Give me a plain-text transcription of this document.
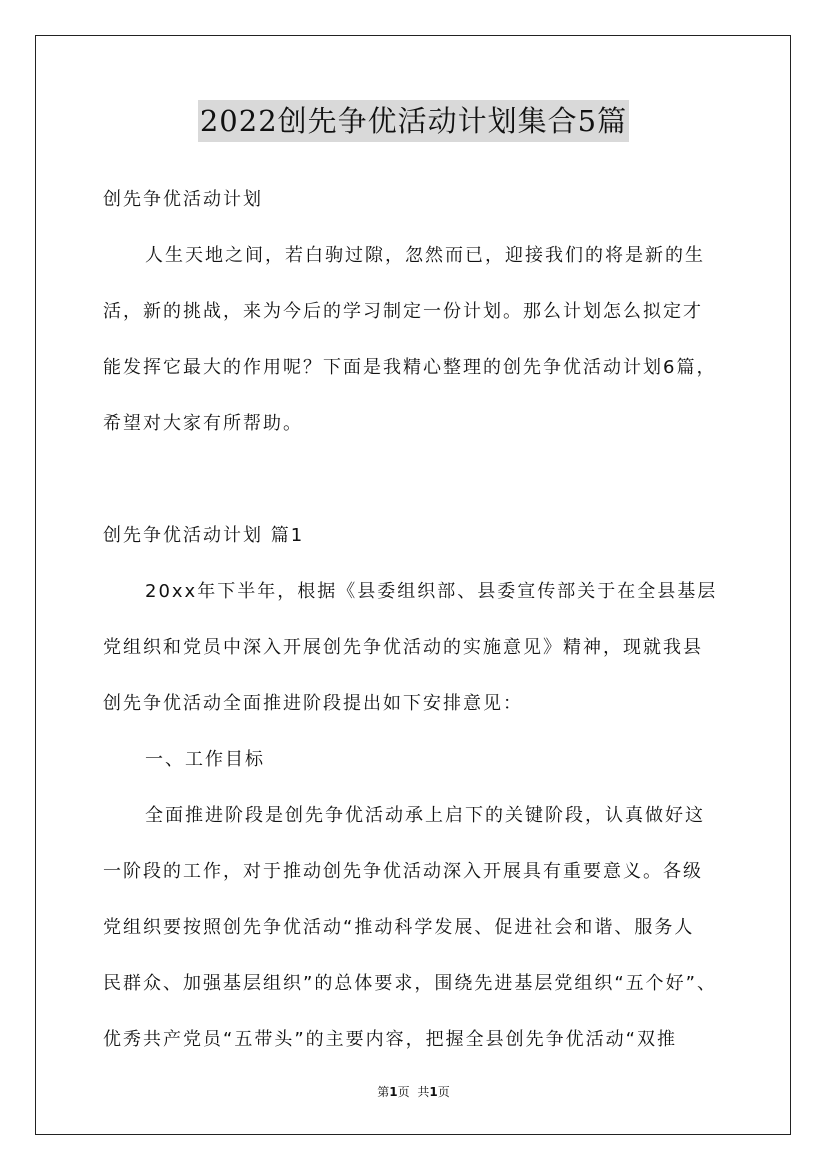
2022创先争优活动计划集合5篇
创先争优活动计划
人生天地之间，若白驹过隙，忽然而已，迎接我们的将是新的生
活，新的挑战，来为今后的学习制定一份计划。那么计划怎么拟定才
能发挥它最大的作用呢？下面是我精心整理的创先争优活动计划6篇，
希望对大家有所帮助。
创先争优活动计划 篇1
20xx年下半年，根据《县委组织部、县委宣传部关于在全县基层
党组织和党员中深入开展创先争优活动的实施意见》精神，现就我县
创先争优活动全面推进阶段提出如下安排意见：
一、工作目标
全面推进阶段是创先争优活动承上启下的关键阶段，认真做好这
一阶段的工作，对于推动创先争优活动深入开展具有重要意义。各级
党组织要按照创先争优活动“推动科学发展、促进社会和谐、服务人
民群众、加强基层组织”的总体要求，围绕先进基层党组织“五个好”、
优秀共产党员“五带头”的主要内容，把握全县创先争优活动“双推
第1页 共1页
